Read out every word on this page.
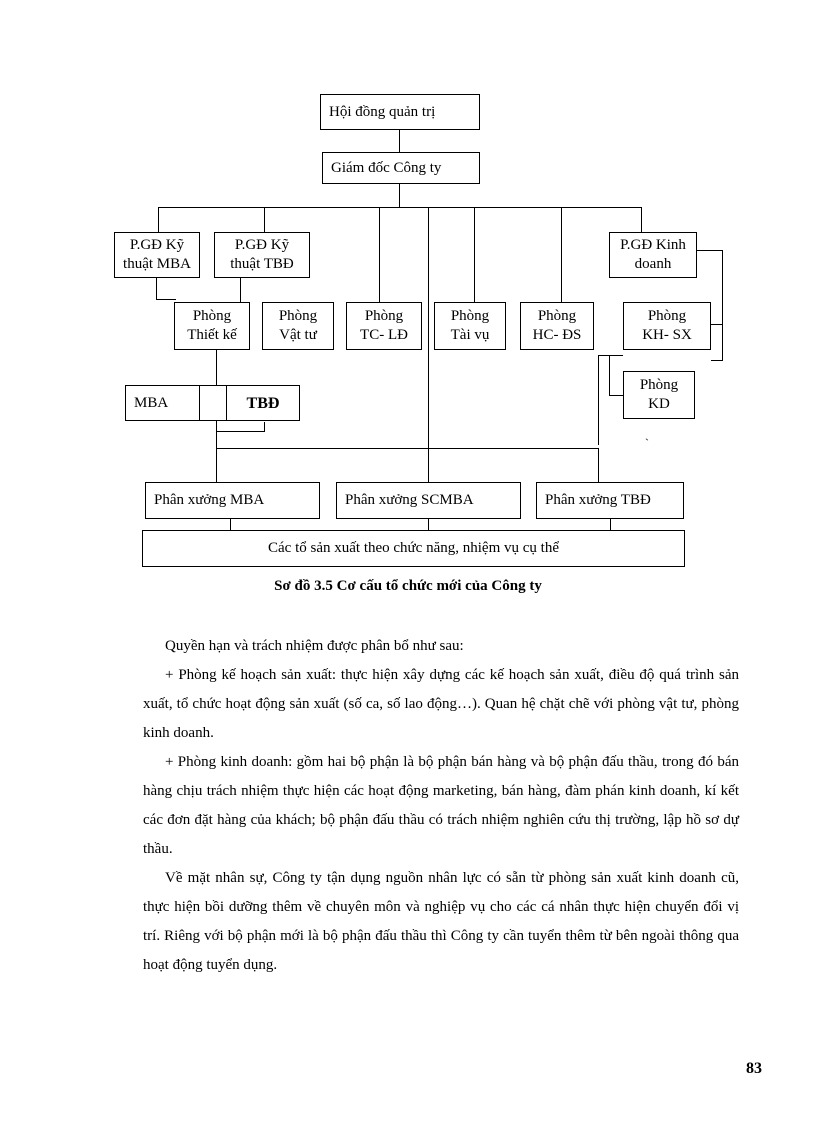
Hội đồng quản trị
Giám đốc Công ty
P.GĐ Kỹ
thuật MBA
P.GĐ Kỹ
thuật TBĐ
P.GĐ Kinh
doanh
Phòng
Thiết kế
Phòng
Vật tư
Phòng
TC- LĐ
Phòng
Tài vụ
Phòng
HC- ĐS
Phòng
KH- SX
Phòng
KD
MBA	TBĐ
`
Phân xưởng MBA	Phân xưởng SCMBA	Phân xưởng TBĐ
Các tổ sản xuất theo chức năng, nhiệm vụ cụ thể
Sơ đồ 3.5 Cơ cấu tổ chức mới của Công ty

Quyền hạn và trách nhiệm được phân bổ như sau:

+ Phòng kế hoạch sản xuất: thực hiện xây dựng các kế hoạch sản xuất, điều độ quá trình sản xuất, tổ chức hoạt động sản xuất (số ca, số lao động…). Quan hệ chặt chẽ với phòng vật tư, phòng kinh doanh.

+ Phòng kinh doanh: gồm hai bộ phận là bộ phận bán hàng và bộ phận đấu thầu, trong đó bán hàng chịu trách nhiệm thực hiện các hoạt động marketing, bán hàng, đàm phán kinh doanh, kí kết các đơn đặt hàng của khách; bộ phận đấu thầu có trách nhiệm nghiên cứu thị trường, lập hồ sơ dự thầu.

Về mặt nhân sự, Công ty tận dụng nguồn nhân lực có sẵn từ phòng sản xuất kinh doanh cũ, thực hiện bồi dưỡng thêm về chuyên môn và nghiệp vụ cho các cá nhân thực hiện chuyển đổi vị trí. Riêng với bộ phận mới là bộ phận đấu thầu thì Công ty cần tuyển thêm từ bên ngoài thông qua hoạt động tuyển dụng.

83
